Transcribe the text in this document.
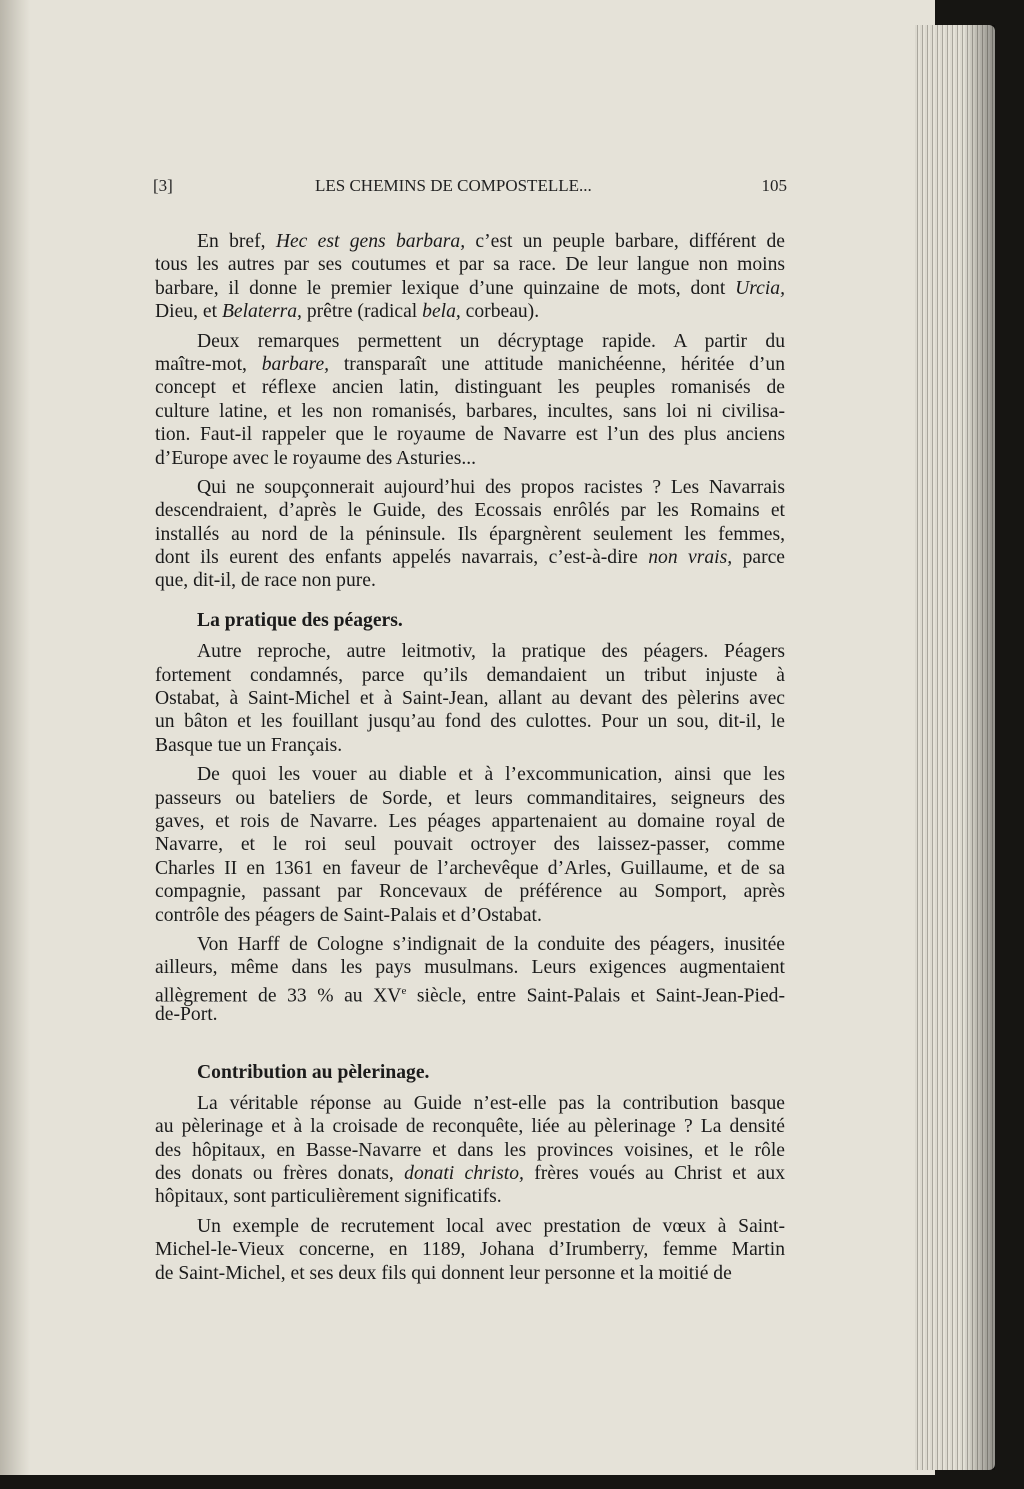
[3]	LES CHEMINS DE COMPOSTELLE...	105
En bref, Hec est gens barbara, c’est un peuple barbare, différent de
tous les autres par ses coutumes et par sa race. De leur langue non moins
barbare, il donne le premier lexique d’une quinzaine de mots, dont Urcia,
Dieu, et Belaterra, prêtre (radical bela, corbeau).
Deux remarques permettent un décryptage rapide. A partir du
maître-mot, barbare, transparaît une attitude manichéenne, héritée d’un
concept et réflexe ancien latin, distinguant les peuples romanisés de
culture latine, et les non romanisés, barbares, incultes, sans loi ni civilisa-
tion. Faut-il rappeler que le royaume de Navarre est l’un des plus anciens
d’Europe avec le royaume des Asturies...
Qui ne soupçonnerait aujourd’hui des propos racistes ? Les Navarrais
descendraient, d’après le Guide, des Ecossais enrôlés par les Romains et
installés au nord de la péninsule. Ils épargnèrent seulement les femmes,
dont ils eurent des enfants appelés navarrais, c’est-à-dire non vrais, parce
que, dit-il, de race non pure.
La pratique des péagers.
Autre reproche, autre leitmotiv, la pratique des péagers. Péagers
fortement condamnés, parce qu’ils demandaient un tribut injuste à
Ostabat, à Saint-Michel et à Saint-Jean, allant au devant des pèlerins avec
un bâton et les fouillant jusqu’au fond des culottes. Pour un sou, dit-il, le
Basque tue un Français.
De quoi les vouer au diable et à l’excommunication, ainsi que les
passeurs ou bateliers de Sorde, et leurs commanditaires, seigneurs des
gaves, et rois de Navarre. Les péages appartenaient au domaine royal de
Navarre, et le roi seul pouvait octroyer des laissez-passer, comme
Charles II en 1361 en faveur de l’archevêque d’Arles, Guillaume, et de sa
compagnie, passant par Roncevaux de préférence au Somport, après
contrôle des péagers de Saint-Palais et d’Ostabat.
Von Harff de Cologne s’indignait de la conduite des péagers, inusitée
ailleurs, même dans les pays musulmans. Leurs exigences augmentaient
allègrement de 33 % au XVe siècle, entre Saint-Palais et Saint-Jean-Pied-
de-Port.
Contribution au pèlerinage.
La véritable réponse au Guide n’est-elle pas la contribution basque
au pèlerinage et à la croisade de reconquête, liée au pèlerinage ? La densité
des hôpitaux, en Basse-Navarre et dans les provinces voisines, et le rôle
des donats ou frères donats, donati christo, frères voués au Christ et aux
hôpitaux, sont particulièrement significatifs.
Un exemple de recrutement local avec prestation de vœux à Saint-
Michel-le-Vieux concerne, en 1189, Johana d’Irumberry, femme Martin
de Saint-Michel, et ses deux fils qui donnent leur personne et la moitié de
